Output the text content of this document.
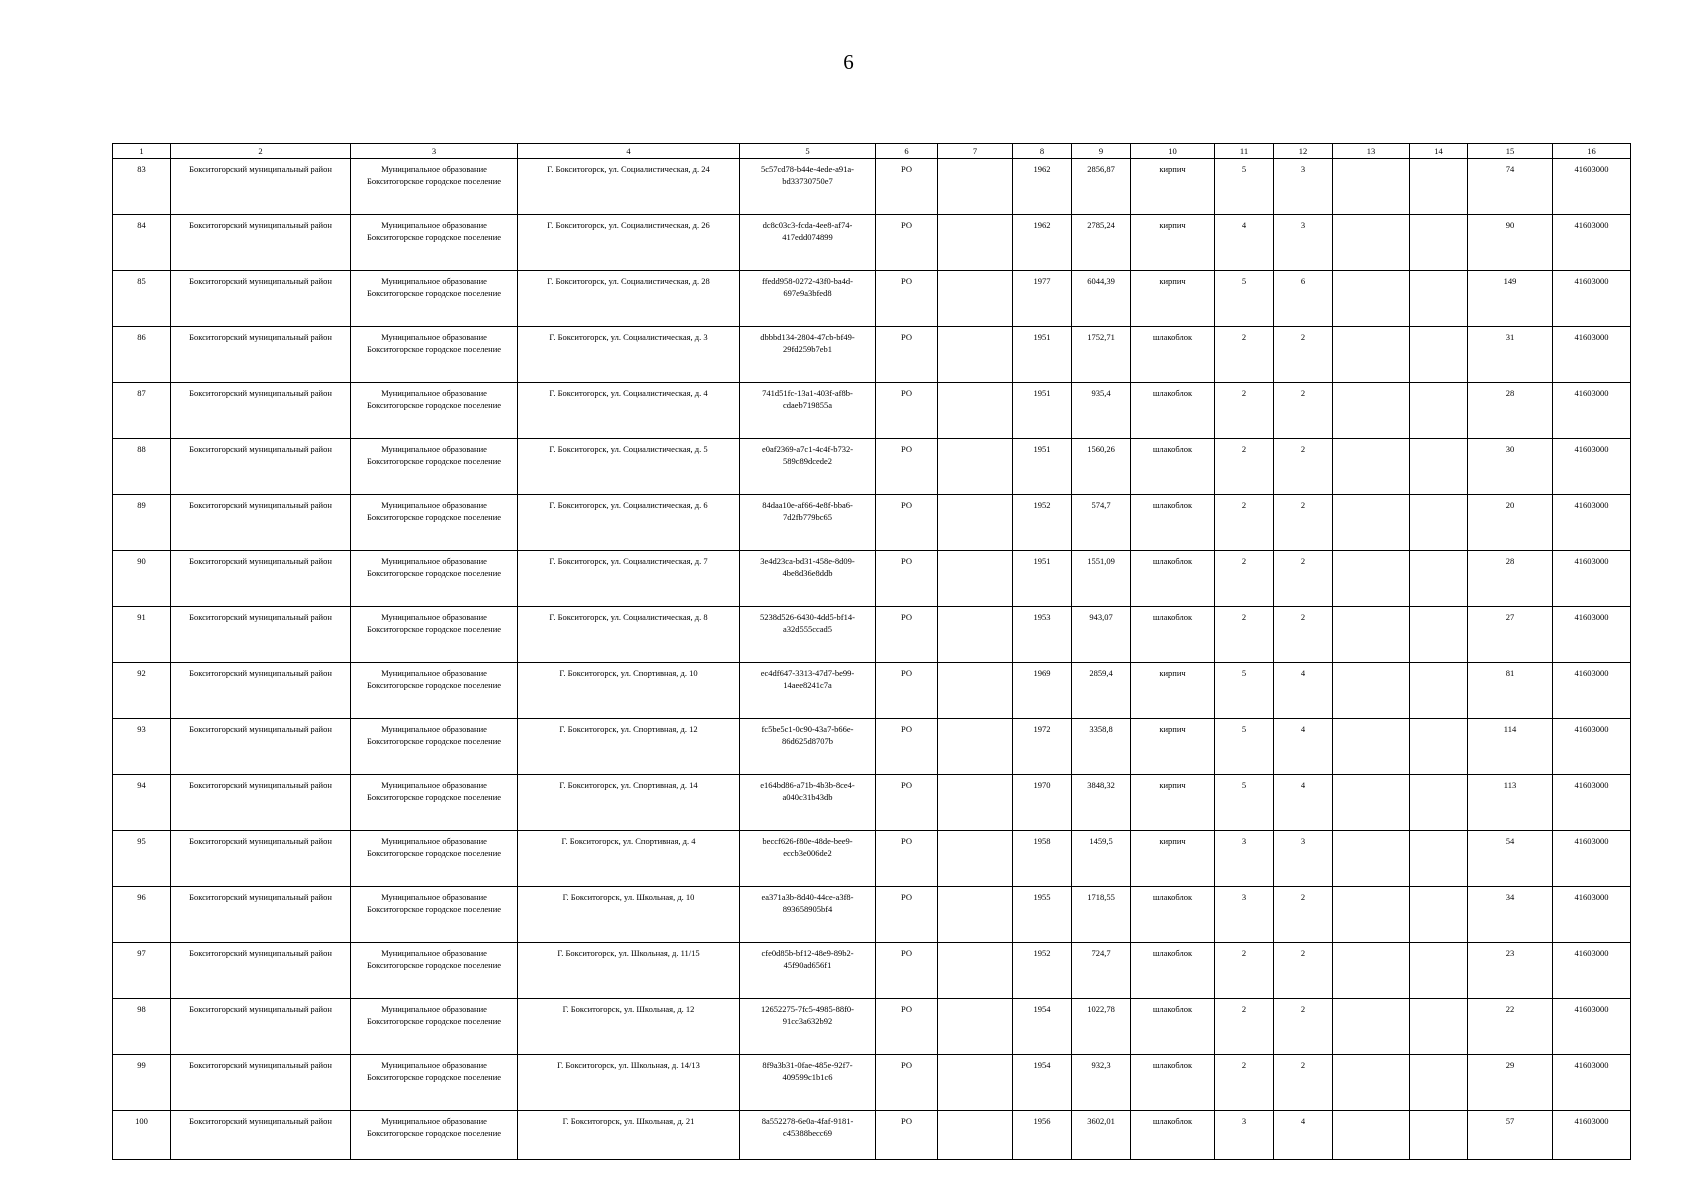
6
1	2	3	4	5	6	7	8	9	10	11	12	13	14	15	16
83	Бокситогорский муниципальный район	Муниципальное образование Бокситогорское городское поселение	Г. Бокситогорск, ул. Социалистическая, д. 24	5c57cd78-b44e-4ede-a91a-bd33730750e7	РО		1962	2856,87	кирпич	5	3			74	41603000
84	Бокситогорский муниципальный район	Муниципальное образование Бокситогорское городское поселение	Г. Бокситогорск, ул. Социалистическая, д. 26	dc8c03c3-fcda-4ee8-af74-417edd074899	РО		1962	2785,24	кирпич	4	3			90	41603000
85	Бокситогорский муниципальный район	Муниципальное образование Бокситогорское городское поселение	Г. Бокситогорск, ул. Социалистическая, д. 28	ffedd958-0272-43f0-ba4d-697e9a3bfed8	РО		1977	6044,39	кирпич	5	6			149	41603000
86	Бокситогорский муниципальный район	Муниципальное образование Бокситогорское городское поселение	Г. Бокситогорск, ул. Социалистическая, д. 3	dbbbd134-2804-47cb-bf49-29fd259b7eb1	РО		1951	1752,71	шлакоблок	2	2			31	41603000
87	Бокситогорский муниципальный район	Муниципальное образование Бокситогорское городское поселение	Г. Бокситогорск, ул. Социалистическая, д. 4	741d51fc-13a1-403f-af8b-cdaeb719855a	РО		1951	935,4	шлакоблок	2	2			28	41603000
88	Бокситогорский муниципальный район	Муниципальное образование Бокситогорское городское поселение	Г. Бокситогорск, ул. Социалистическая, д. 5	e0af2369-a7c1-4c4f-b732-589c89dcede2	РО		1951	1560,26	шлакоблок	2	2			30	41603000
89	Бокситогорский муниципальный район	Муниципальное образование Бокситогорское городское поселение	Г. Бокситогорск, ул. Социалистическая, д. 6	84daa10e-af66-4e8f-bba6-7d2fb779bc65	РО		1952	574,7	шлакоблок	2	2			20	41603000
90	Бокситогорский муниципальный район	Муниципальное образование Бокситогорское городское поселение	Г. Бокситогорск, ул. Социалистическая, д. 7	3e4d23ca-bd31-458e-8d09-4be8d36e8ddb	РО		1951	1551,09	шлакоблок	2	2			28	41603000
91	Бокситогорский муниципальный район	Муниципальное образование Бокситогорское городское поселение	Г. Бокситогорск, ул. Социалистическая, д. 8	5238d526-6430-4dd5-bf14-a32d555ccad5	РО		1953	943,07	шлакоблок	2	2			27	41603000
92	Бокситогорский муниципальный район	Муниципальное образование Бокситогорское городское поселение	Г. Бокситогорск, ул. Спортивная, д. 10	ec4df647-3313-47d7-be99-14aee8241c7a	РО		1969	2859,4	кирпич	5	4			81	41603000
93	Бокситогорский муниципальный район	Муниципальное образование Бокситогорское городское поселение	Г. Бокситогорск, ул. Спортивная, д. 12	fc5be5c1-0c90-43a7-b66e-86d625d8707b	РО		1972	3358,8	кирпич	5	4			114	41603000
94	Бокситогорский муниципальный район	Муниципальное образование Бокситогорское городское поселение	Г. Бокситогорск, ул. Спортивная, д. 14	e164bd86-a71b-4b3b-8ce4-a040c31b43db	РО		1970	3848,32	кирпич	5	4			113	41603000
95	Бокситогорский муниципальный район	Муниципальное образование Бокситогорское городское поселение	Г. Бокситогорск, ул. Спортивная, д. 4	beccf626-f80e-48de-bee9-eccb3e006de2	РО		1958	1459,5	кирпич	3	3			54	41603000
96	Бокситогорский муниципальный район	Муниципальное образование Бокситогорское городское поселение	Г. Бокситогорск, ул. Школьная, д. 10	ea371a3b-8d40-44ce-a3f8-893658905bf4	РО		1955	1718,55	шлакоблок	3	2			34	41603000
97	Бокситогорский муниципальный район	Муниципальное образование Бокситогорское городское поселение	Г. Бокситогорск, ул. Школьная, д. 11/15	cfe0d85b-bf12-48e9-89b2-45f90ad656f1	РО		1952	724,7	шлакоблок	2	2			23	41603000
98	Бокситогорский муниципальный район	Муниципальное образование Бокситогорское городское поселение	Г. Бокситогорск, ул. Школьная, д. 12	12652275-7fc5-4985-88f0-91cc3a632b92	РО		1954	1022,78	шлакоблок	2	2			22	41603000
99	Бокситогорский муниципальный район	Муниципальное образование Бокситогорское городское поселение	Г. Бокситогорск, ул. Школьная, д. 14/13	8f9a3b31-0fae-485e-92f7-409599c1b1c6	РО		1954	932,3	шлакоблок	2	2			29	41603000
100	Бокситогорский муниципальный район	Муниципальное образование Бокситогорское городское поселение	Г. Бокситогорск, ул. Школьная, д. 21	8a552278-6e0a-4faf-9181-c45388becc69	РО		1956	3602,01	шлакоблок	3	4			57	41603000
